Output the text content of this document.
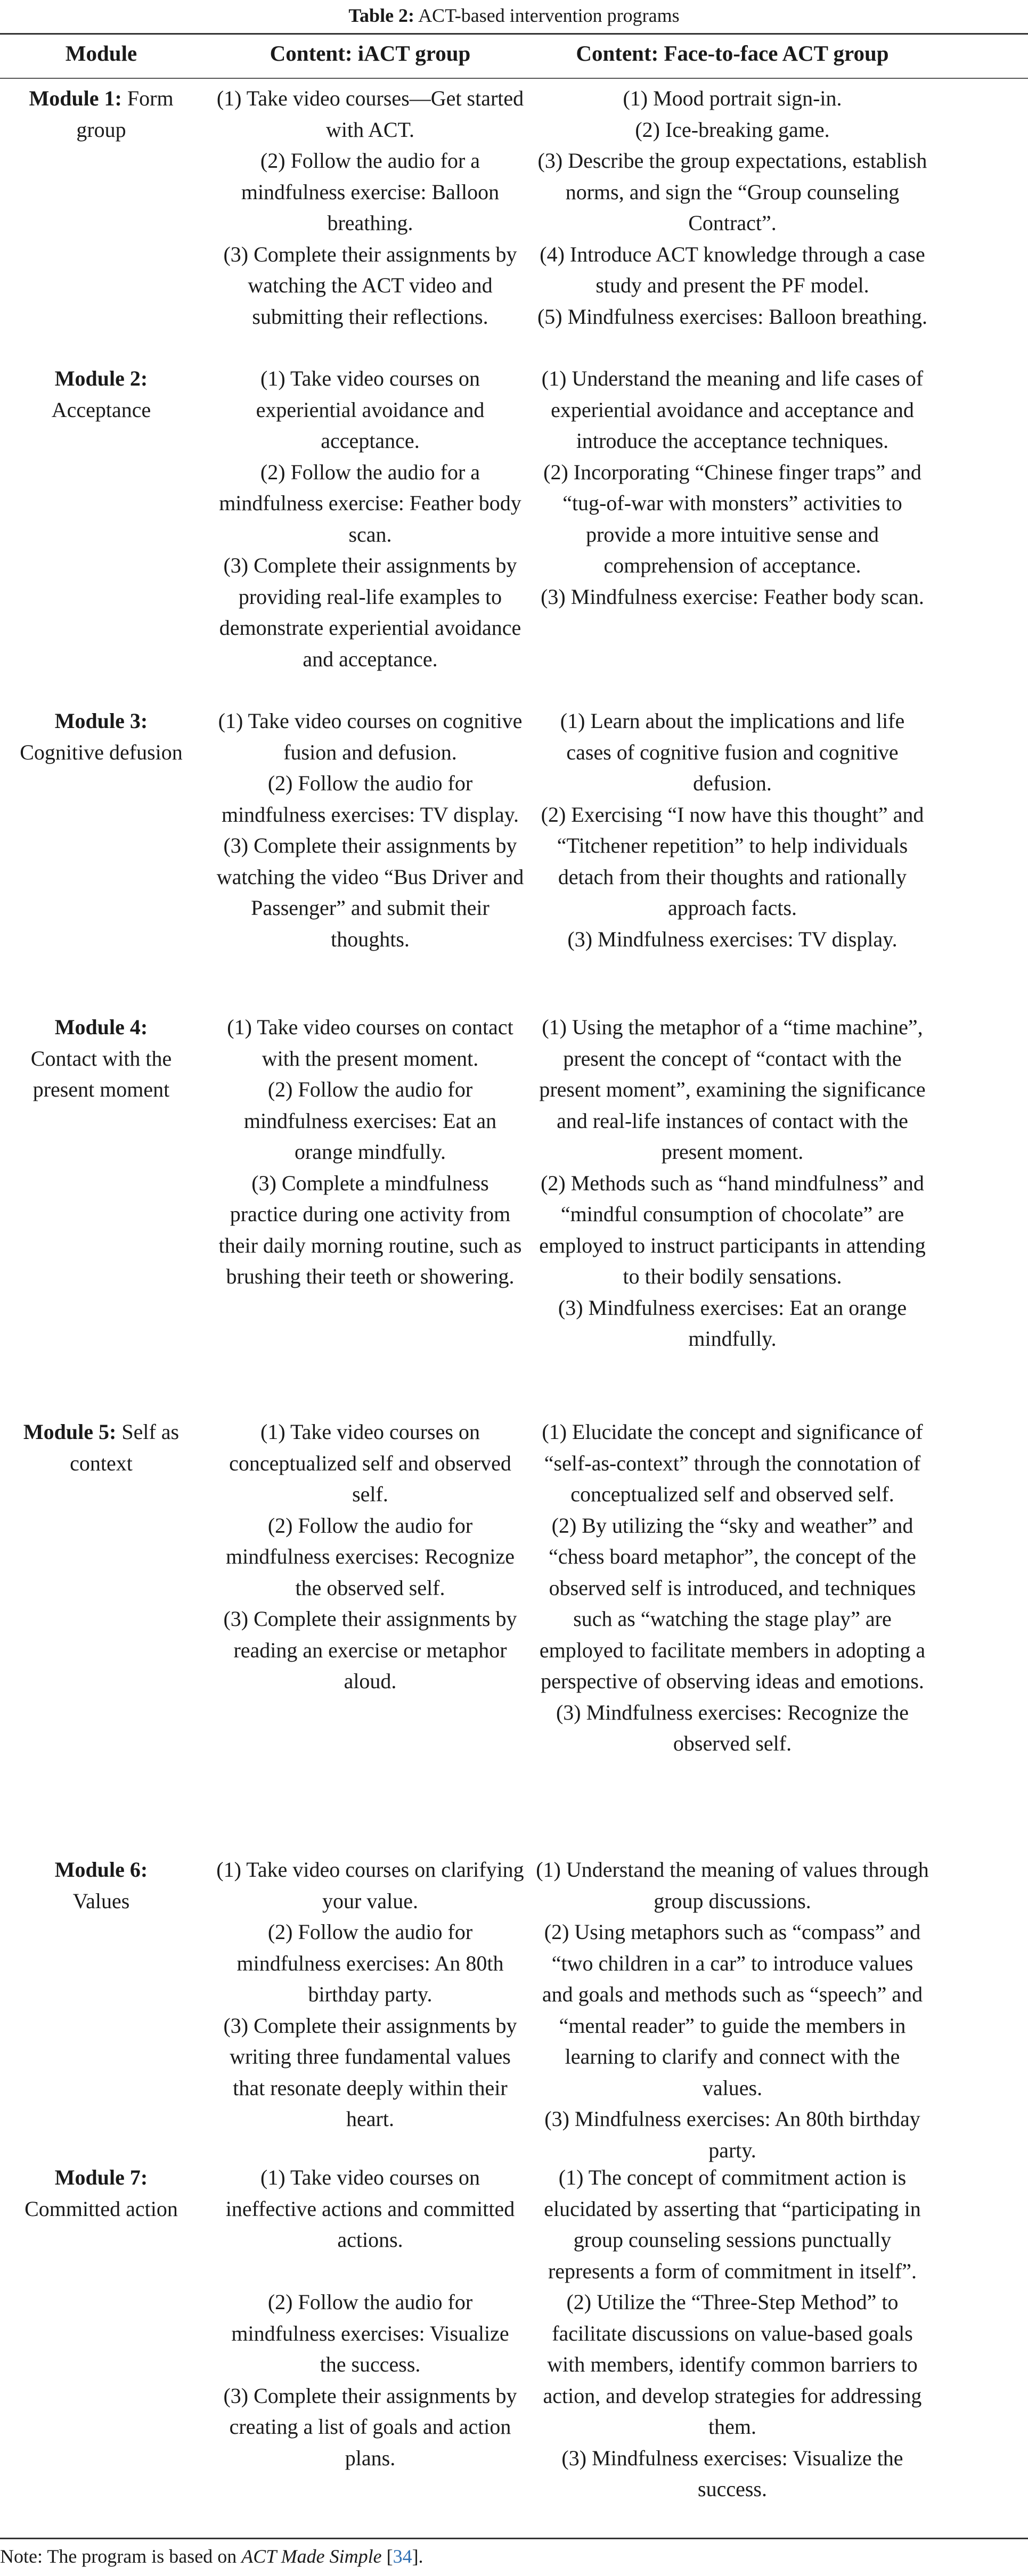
Table 2: ACT-based intervention programs
Module	Content: iACT group	Content: Face-to-face ACT group
Module 1: Form group
(1) Take video courses—Get started with ACT.
(2) Follow the audio for a mindfulness exercise: Balloon breathing.
(3) Complete their assignments by watching the ACT video and submitting their reflections.
(1) Mood portrait sign-in.
(2) Ice-breaking game.
(3) Describe the group expectations, establish norms, and sign the “Group counseling Contract”.
(4) Introduce ACT knowledge through a case study and present the PF model.
(5) Mindfulness exercises: Balloon breathing.
Module 2:
Acceptance
(1) Take video courses on experiential avoidance and acceptance.
(2) Follow the audio for a mindfulness exercise: Feather body scan.
(3) Complete their assignments by providing real-life examples to demonstrate experiential avoidance and acceptance.
(1) Understand the meaning and life cases of experiential avoidance and acceptance and introduce the acceptance techniques.
(2) Incorporating “Chinese finger traps” and “tug-of-war with monsters” activities to provide a more intuitive sense and comprehension of acceptance.
(3) Mindfulness exercise: Feather body scan.
Module 3:
Cognitive defusion
(1) Take video courses on cognitive fusion and defusion.
(2) Follow the audio for mindfulness exercises: TV display.
(3) Complete their assignments by watching the video “Bus Driver and Passenger” and submit their thoughts.
(1) Learn about the implications and life cases of cognitive fusion and cognitive defusion.
(2) Exercising “I now have this thought” and “Titchener repetition” to help individuals detach from their thoughts and rationally approach facts.
(3) Mindfulness exercises: TV display.
Module 4:
Contact with the present moment
(1) Take video courses on contact with the present moment.
(2) Follow the audio for mindfulness exercises: Eat an orange mindfully.
(3) Complete a mindfulness practice during one activity from their daily morning routine, such as brushing their teeth or showering.
(1) Using the metaphor of a “time machine”, present the concept of “contact with the present moment”, examining the significance and real-life instances of contact with the present moment.
(2) Methods such as “hand mindfulness” and “mindful consumption of chocolate” are employed to instruct participants in attending to their bodily sensations.
(3) Mindfulness exercises: Eat an orange mindfully.
Module 5: Self as context
(1) Take video courses on conceptualized self and observed self.
(2) Follow the audio for mindfulness exercises: Recognize the observed self.
(3) Complete their assignments by reading an exercise or metaphor aloud.
(1) Elucidate the concept and significance of “self-as-context” through the connotation of conceptualized self and observed self.
(2) By utilizing the “sky and weather” and “chess board metaphor”, the concept of the observed self is introduced, and techniques such as “watching the stage play” are employed to facilitate members in adopting a perspective of observing ideas and emotions.
(3) Mindfulness exercises: Recognize the observed self.
Module 6:
Values
(1) Take video courses on clarifying your value.
(2) Follow the audio for mindfulness exercises: An 80th birthday party.
(3) Complete their assignments by writing three fundamental values that resonate deeply within their heart.
(1) Understand the meaning of values through group discussions.
(2) Using metaphors such as “compass” and “two children in a car” to introduce values and goals and methods such as “speech” and “mental reader” to guide the members in learning to clarify and connect with the values.
(3) Mindfulness exercises: An 80th birthday party.
Module 7:
Committed action
(1) Take video courses on ineffective actions and committed actions.
(2) Follow the audio for mindfulness exercises: Visualize the success.
(3) Complete their assignments by creating a list of goals and action plans.
(1) The concept of commitment action is elucidated by asserting that “participating in group counseling sessions punctually represents a form of commitment in itself”.
(2) Utilize the “Three-Step Method” to facilitate discussions on value-based goals with members, identify common barriers to action, and develop strategies for addressing them.
(3) Mindfulness exercises: Visualize the success.
Note: The program is based on ACT Made Simple [34].
